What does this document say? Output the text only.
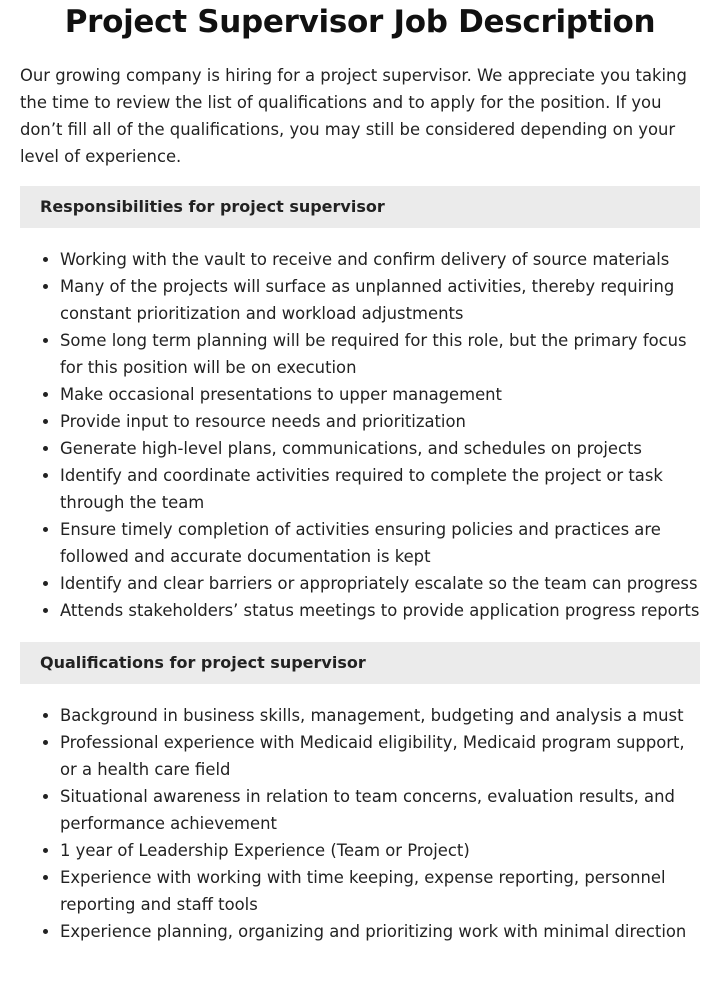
Project Supervisor Job Description

Our growing company is hiring for a project supervisor. We appreciate you taking the time to review the list of qualifications and to apply for the position. If you don’t fill all of the qualifications, you may still be considered depending on your level of experience.

Responsibilities for project supervisor
• Working with the vault to receive and confirm delivery of source materials
• Many of the projects will surface as unplanned activities, thereby requiring constant prioritization and workload adjustments
• Some long term planning will be required for this role, but the primary focus for this position will be on execution
• Make occasional presentations to upper management
• Provide input to resource needs and prioritization
• Generate high-level plans, communications, and schedules on projects
• Identify and coordinate activities required to complete the project or task through the team
• Ensure timely completion of activities ensuring policies and practices are followed and accurate documentation is kept
• Identify and clear barriers or appropriately escalate so the team can progress
• Attends stakeholders’ status meetings to provide application progress reports
Qualifications for project supervisor
• Background in business skills, management, budgeting and analysis a must
• Professional experience with Medicaid eligibility, Medicaid program support, or a health care field
• Situational awareness in relation to team concerns, evaluation results, and performance achievement
• 1 year of Leadership Experience (Team or Project)
• Experience with working with time keeping, expense reporting, personnel reporting and staff tools
• Experience planning, organizing and prioritizing work with minimal direction
